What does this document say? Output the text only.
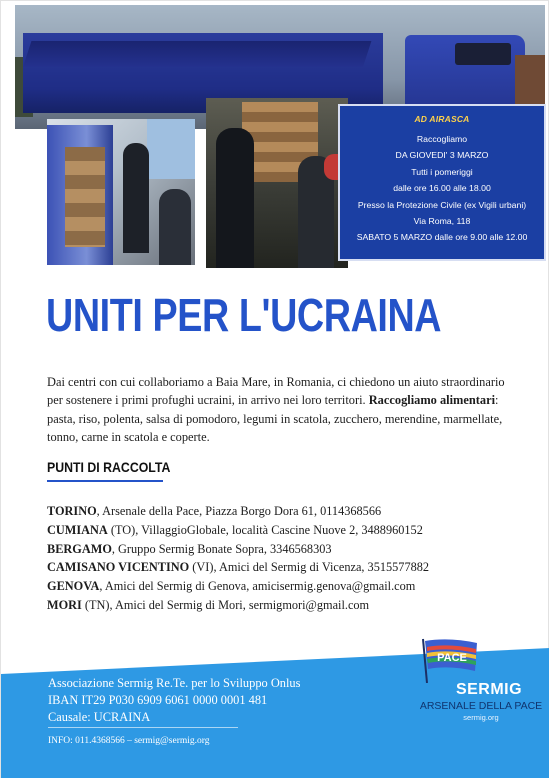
AD AIRASCA
Raccogliamo
DA GIOVEDI' 3 MARZO
Tutti i pomeriggi
dalle ore 16.00 alle 18.00
Presso la Protezione Civile (ex Vigili urbani)
Via Roma, 118
SABATO 5 MARZO dalle ore 9.00 alle 12.00
UNITI PER L'UCRAINA

Dai centri con cui collaboriamo a Baia Mare, in Romania, ci chiedono un aiuto straordinario per sostenere i primi profughi ucraini, in arrivo nei loro territori. Raccogliamo alimentari: pasta, riso, polenta, salsa di pomodoro, legumi in scatola, zucchero, merendine, marmellate, tonno, carne in scatola e coperte.

PUNTI DI RACCOLTA
TORINO, Arsenale della Pace, Piazza Borgo Dora 61, 0114368566
CUMIANA (TO), VillaggioGlobale, località Cascine Nuove 2, 3488960152
BERGAMO, Gruppo Sermig Bonate Sopra, 3346568303
CAMISANO VICENTINO (VI), Amici del Sermig di Vicenza, 3515577882
GENOVA, Amici del Sermig di Genova, amicisermig.genova@gmail.com
MORI (TN), Amici del Sermig di Mori, sermigmori@gmail.com
Associazione Sermig Re.Te. per lo Sviluppo Onlus
IBAN IT29 P030 6909 6061 0000 0001 481
Causale: UCRAINA
INFO: 011.4368566 – sermig@sermig.org
PACE
SERMIG
ARSENALE DELLA PACE
sermig.org
